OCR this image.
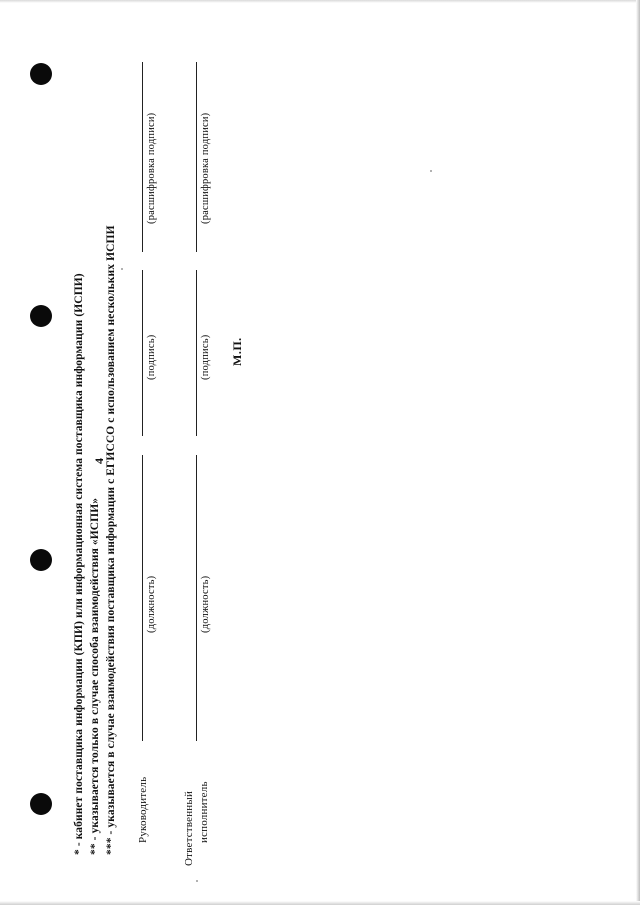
4
* - кабинет поставщика информации (КПИ) или информационная система поставщика информации (ИСПИ) ** - указывается только в случае способа взаимодействия «ИСПИ» *** - указывается в случае взаимодействия поставщика информации с ЕГИССО с использованием нескольких ИСПИ Руководитель
(должность)
(подпись)
(расшифровка подписи)
Ответственный исполнитель
(должность)
(подпись)
(расшифровка подписи)
М.П.
